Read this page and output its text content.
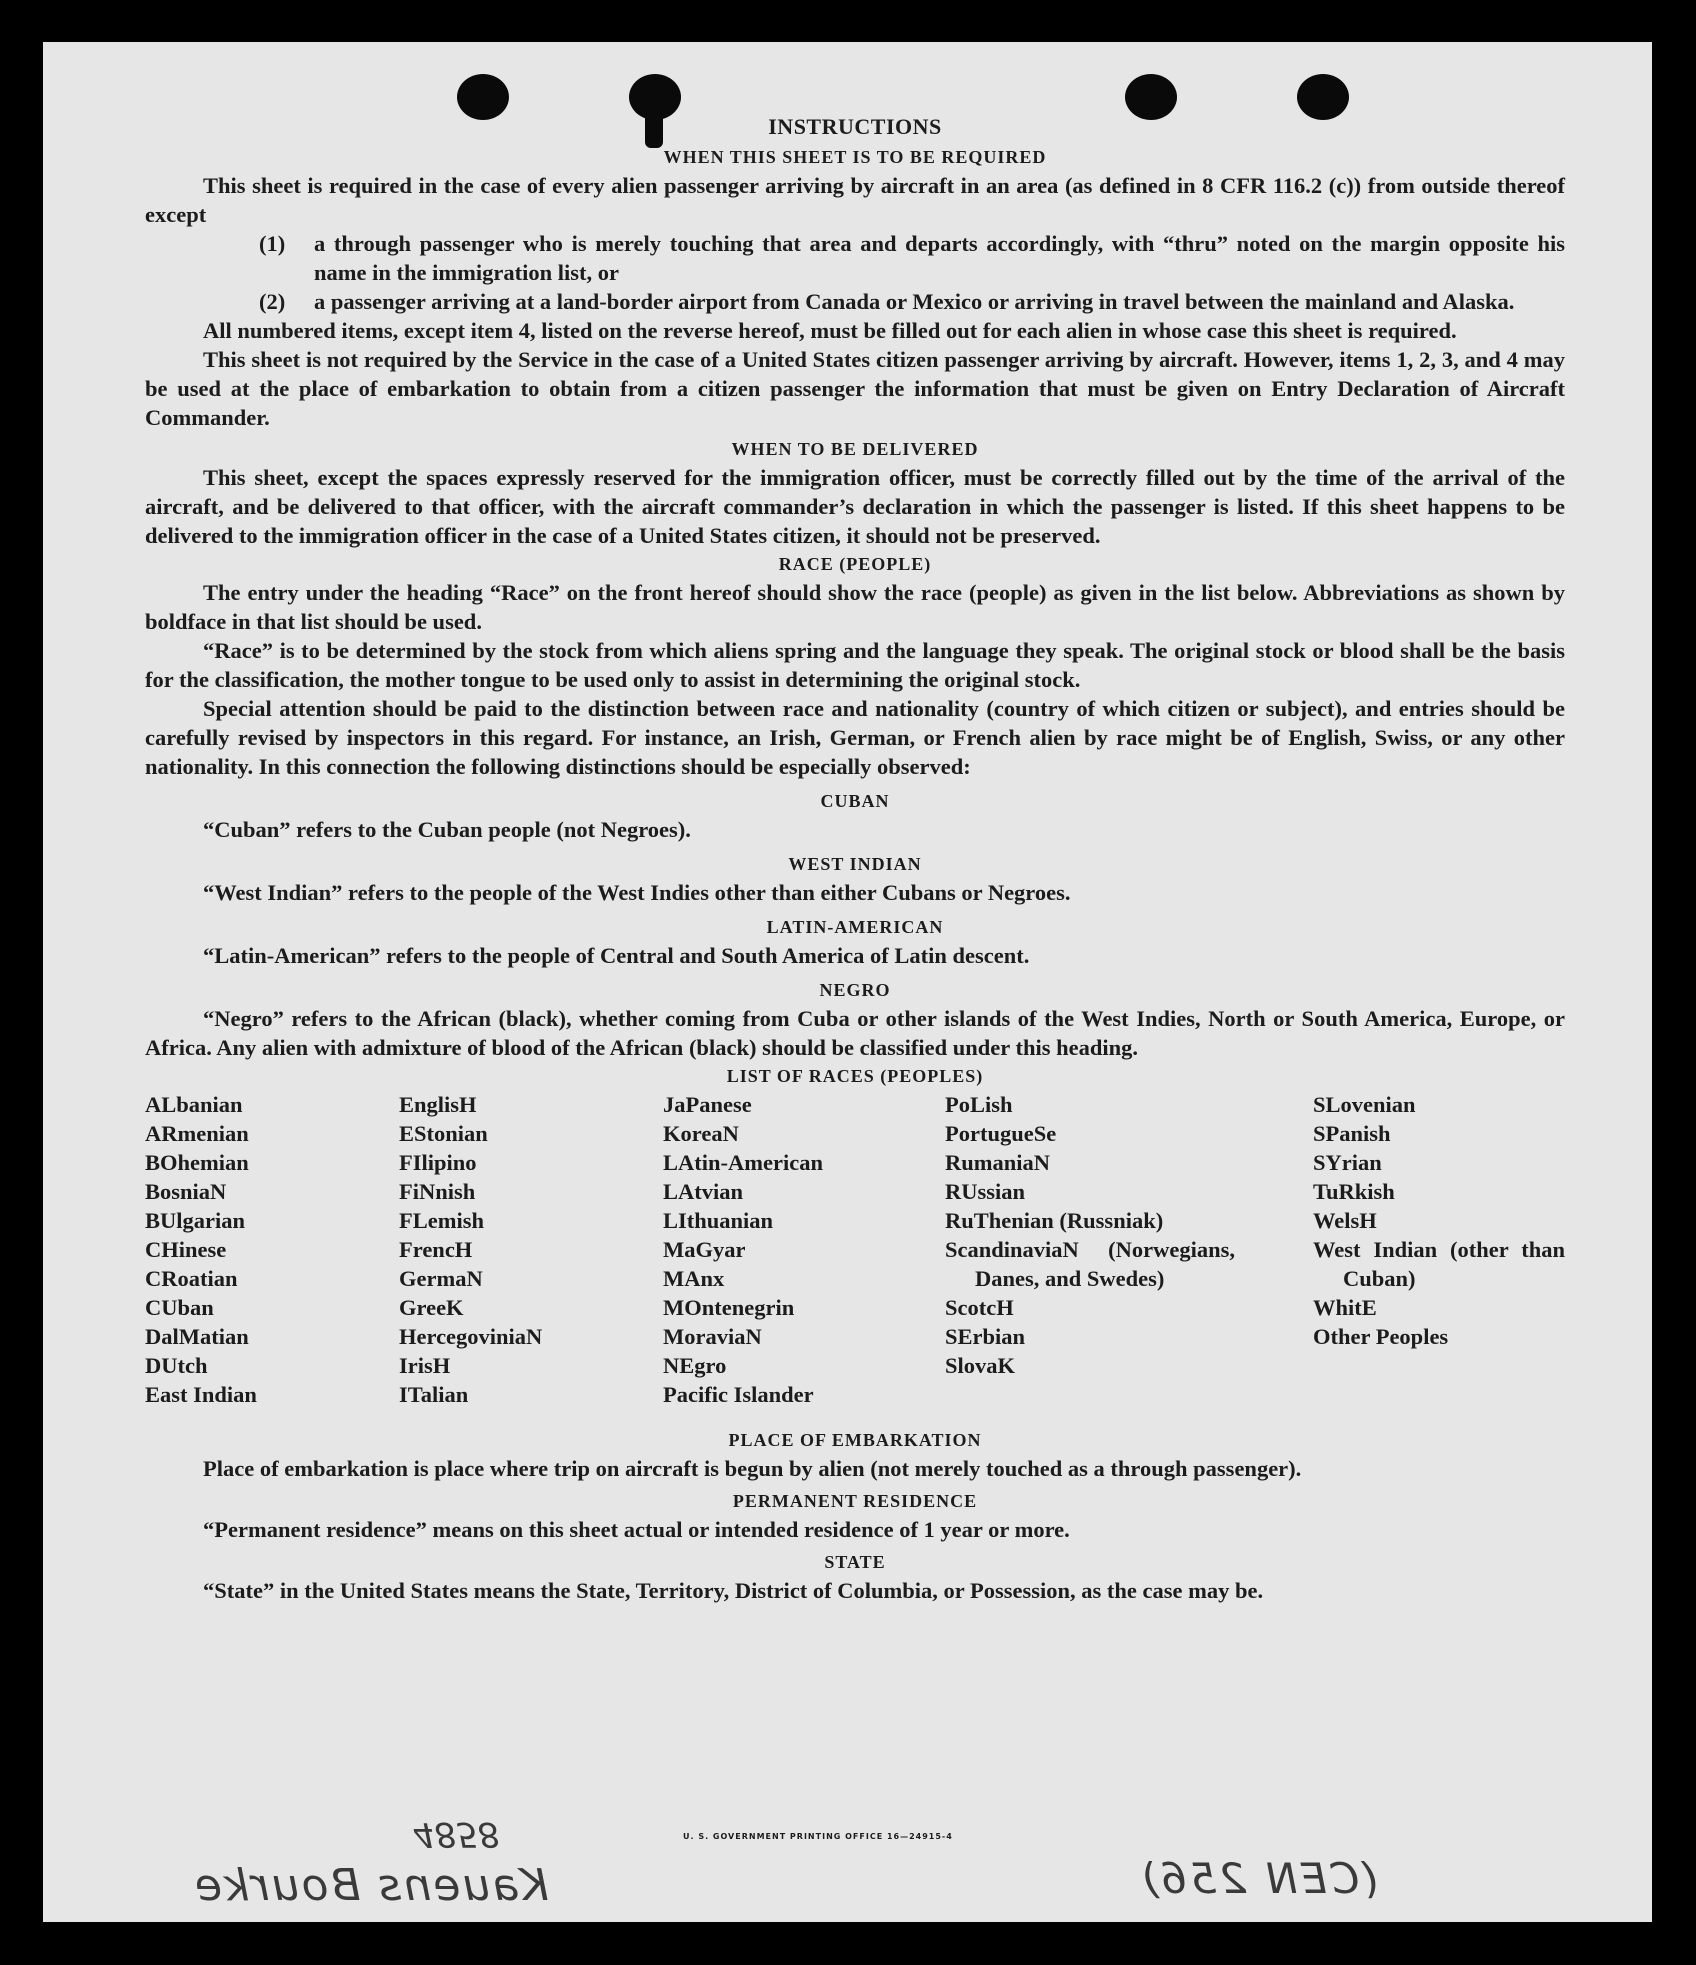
INSTRUCTIONS
WHEN THIS SHEET IS TO BE REQUIRED

This sheet is required in the case of every alien passenger arriving by aircraft in an area (as defined in 8 CFR 116.2 (c)) from outside thereof except

(1)	a through passenger who is merely touching that area and departs accordingly, with “thru” noted on the margin opposite his name in the immigration list, or
(2)	a passenger arriving at a land-border airport from Canada or Mexico or arriving in travel between the mainland and Alaska.

All numbered items, except item 4, listed on the reverse hereof, must be filled out for each alien in whose case this sheet is required.

This sheet is not required by the Service in the case of a United States citizen passenger arriving by aircraft. However, items 1, 2, 3, and 4 may be used at the place of embarkation to obtain from a citizen passenger the information that must be given on Entry Declaration of Aircraft Commander.

WHEN TO BE DELIVERED

This sheet, except the spaces expressly reserved for the immigration officer, must be correctly filled out by the time of the arrival of the aircraft, and be delivered to that officer, with the aircraft commander’s declaration in which the passenger is listed. If this sheet happens to be delivered to the immigration officer in the case of a United States citizen, it should not be preserved.

RACE (PEOPLE)

The entry under the heading “Race” on the front hereof should show the race (people) as given in the list below. Abbreviations as shown by boldface in that list should be used.

“Race” is to be determined by the stock from which aliens spring and the language they speak. The original stock or blood shall be the basis for the classification, the mother tongue to be used only to assist in determining the original stock.

Special attention should be paid to the distinction between race and nationality (country of which citizen or subject), and entries should be carefully revised by inspectors in this regard. For instance, an Irish, German, or French alien by race might be of English, Swiss, or any other nationality. In this connection the following distinctions should be especially observed:

CUBAN

“Cuban” refers to the Cuban people (not Negroes).

WEST INDIAN

“West Indian” refers to the people of the West Indies other than either Cubans or Negroes.

LATIN-AMERICAN

“Latin-American” refers to the people of Central and South America of Latin descent.

NEGRO

“Negro” refers to the African (black), whether coming from Cuba or other islands of the West Indies, North or South America, Europe, or Africa. Any alien with admixture of blood of the African (black) should be classified under this heading.

LIST OF RACES (PEOPLES)
ALbanian
ARmenian
BOhemian
BosniaN
BUlgarian
CHinese
CRoatian
CUban
DalMatian
DUtch
East Indian
EnglisH
EStonian
FIlipino
FiNnish
FLemish
FrencH
GermaN
GreeK
HercegoviniaN
IrisH
ITalian
JaPanese
KoreaN
LAtin-American
LAtvian
LIthuanian
MaGyar
MAnx
MOntenegrin
MoraviaN
NEgro
Pacific Islander
PoLish
PortugueSe
RumaniaN
RUssian
RuThenian (Russniak)
ScandinaviaN (Norwegians, Danes, and Swedes)
ScotcH
SErbian
SlovaK
SLovenian
SPanish
SYrian
TuRkish
WelsH
West Indian (other than Cuban)
WhitE
Other Peoples
PLACE OF EMBARKATION

Place of embarkation is place where trip on aircraft is begun by alien (not merely touched as a through passenger).

PERMANENT RESIDENCE

“Permanent residence” means on this sheet actual or intended residence of 1 year or more.

STATE

“State” in the United States means the State, Territory, District of Columbia, or Possession, as the case may be.

U. S. GOVERNMENT PRINTING OFFICE 16—24915-4
4858
Kauens Bourke	(CEN 256)
